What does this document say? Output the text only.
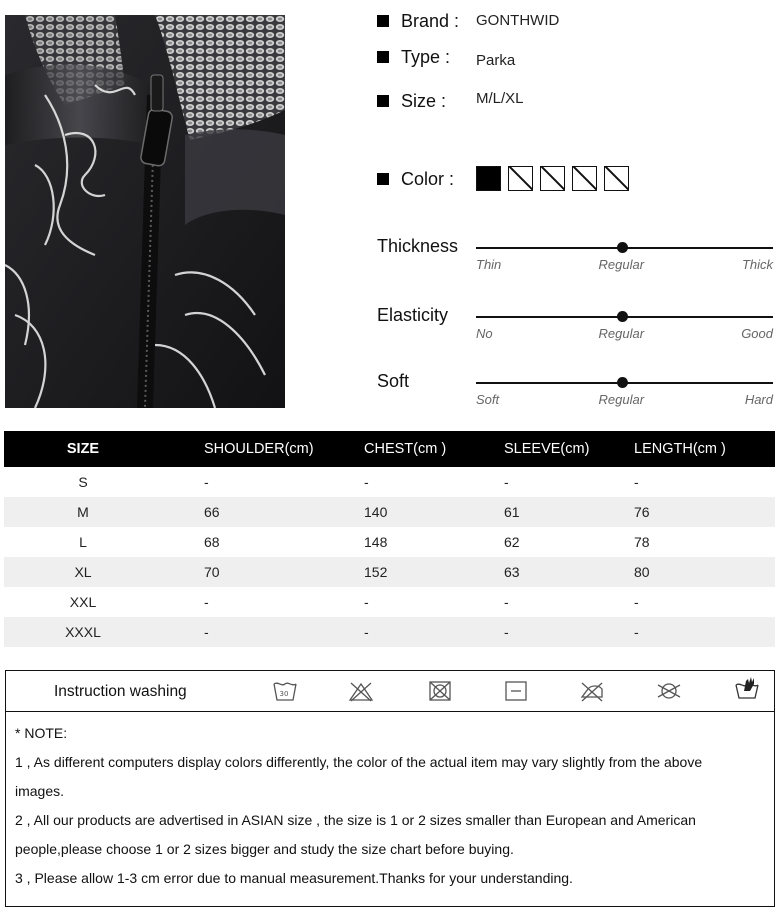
Brand :	GONTHWID
Type :	Parka
Size :	M/L/XL
Color :
Thickness
Thin	Regular	Thick
Elasticity
No	Regular	Good
Soft
Soft	Regular	Hard
SIZE	SHOULDER(cm)	CHEST(cm )	SLEEVE(cm)	LENGTH(cm )
S	-	-	-	-
M	66	140	61	76
L	68	148	62	78
XL	70	152	63	80
XXL	-	-	-	-
XXXL	-	-	-	-
Instruction washing	30
* NOTE:
1 , As different computers display colors differently, the color of the actual item may vary slightly from the above
images.
2 , All our products are advertised in ASIAN size , the size is 1 or 2 sizes smaller than European and American
people,please choose 1 or 2 sizes bigger and study the size chart before buying.
3 , Please allow 1-3 cm error due to manual measurement.Thanks for your understanding.
